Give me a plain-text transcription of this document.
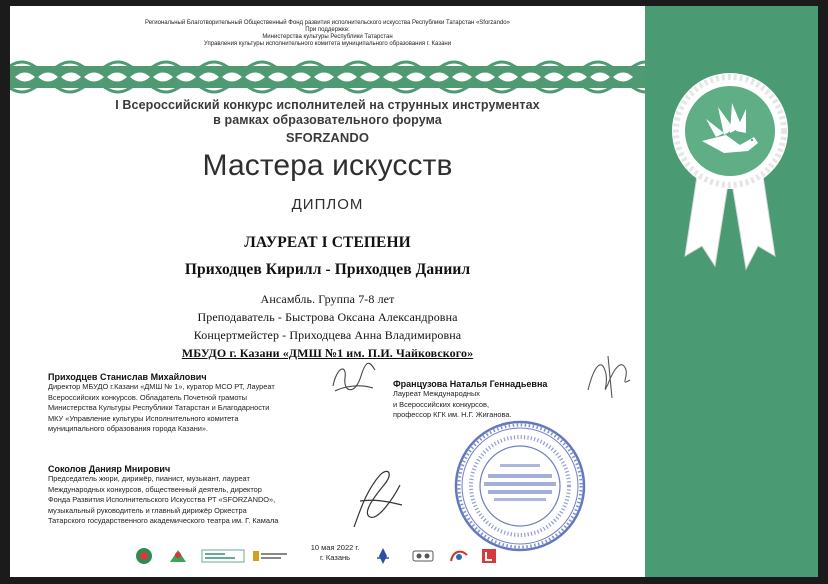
Региональный Благотворительный Общественный Фонд развития исполнительского искусства Республики Татарстан «Sforzando»
При поддержке:
Министерства культуры Республики Татарстан
Управления культуры исполнительного комитета муниципального образования г. Казани
I Всероссийский конкурс исполнителей на струнных инструментах
в рамках образовательного форума
SFORZANDO
Мастера искусств
ДИПЛОМ
ЛАУРЕАТ I СТЕПЕНИ
Приходцев Кирилл - Приходцев Даниил
Ансамбль. Группа 7-8 лет
Преподаватель - Быстрова Оксана Александровна
Концертмейстер - Приходцева Анна Владимировна
МБУДО г. Казани «ДМШ №1 им. П.И. Чайковского»
Приходцев Станислав Михайлович
Директор МБУДО г.Казани «ДМШ № 1», куратор МСО РТ, Лауреат
Всероссийских конкурсов. Обладатель Почетной грамоты
Министерства Культуры Республики Татарстан и Благодарности
МКУ «Управление культуры Исполнительного комитета
муниципального образования города Казани».
Французова Наталья Геннадьевна
Лауреат Международных
и Всероссийских конкурсов,
профессор КГК им. Н.Г. Жиганова.
Соколов Данияр Мнирович
Председатель жюри, дирижёр, пианист, музыкант, лауреат
Международных конкурсов, общественный деятель, директор
Фонда Развития Исполнительского Искусства РТ «SFORZANDO»,
музыкальный руководитель и главный дирижёр Оркестра
Татарского государственного академического театра им. Г. Камала
10 мая 2022 г.
г. Казань
